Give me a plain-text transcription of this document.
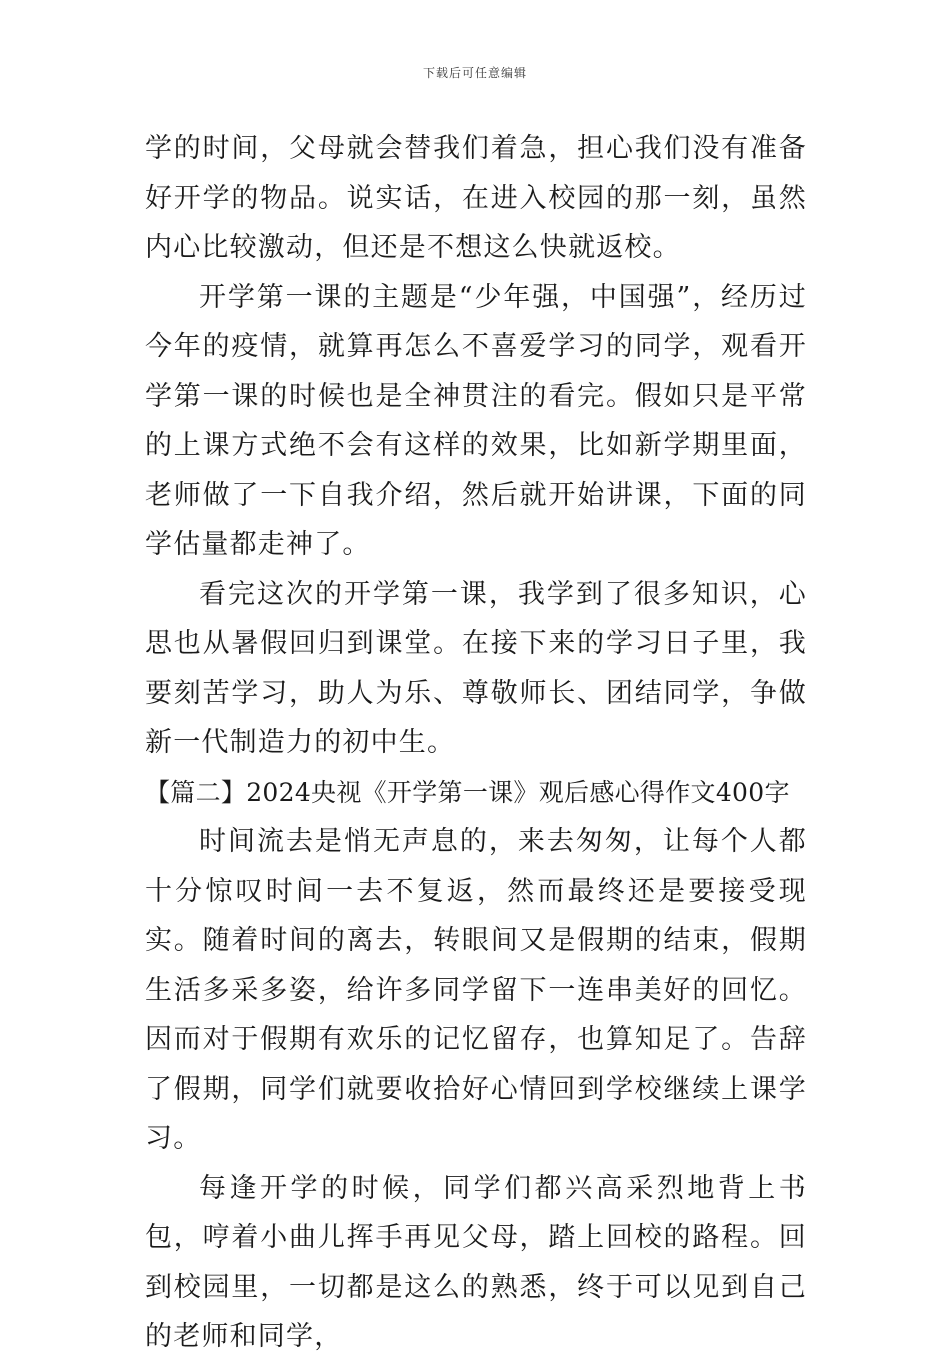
下载后可任意编辑

学的时间，父母就会替我们着急，担心我们没有准备好开学的物品。说实话，在进入校园的那一刻，虽然内心比较激动，但还是不想这么快就返校。

开学第一课的主题是“少年强，中国强”，经历过今年的疫情，就算再怎么不喜爱学习的同学，观看开学第一课的时候也是全神贯注的看完。假如只是平常的上课方式绝不会有这样的效果，比如新学期里面，老师做了一下自我介绍，然后就开始讲课，下面的同学估量都走神了。

看完这次的开学第一课，我学到了很多知识，心思也从暑假回归到课堂。在接下来的学习日子里，我要刻苦学习，助人为乐、尊敬师长、团结同学，争做新一代制造力的初中生。

【篇二】2024央视《开学第一课》观后感心得作文400字

时间流去是悄无声息的，来去匆匆，让每个人都十分惊叹时间一去不复返，然而最终还是要接受现实。随着时间的离去，转眼间又是假期的结束，假期生活多采多姿，给许多同学留下一连串美好的回忆。因而对于假期有欢乐的记忆留存，也算知足了。告辞了假期，同学们就要收拾好心情回到学校继续上课学习。

每逢开学的时候，同学们都兴高采烈地背上书包，哼着小曲儿挥手再见父母，踏上回校的路程。回到校园里，一切都是这么的熟悉，终于可以见到自己的老师和同学，
